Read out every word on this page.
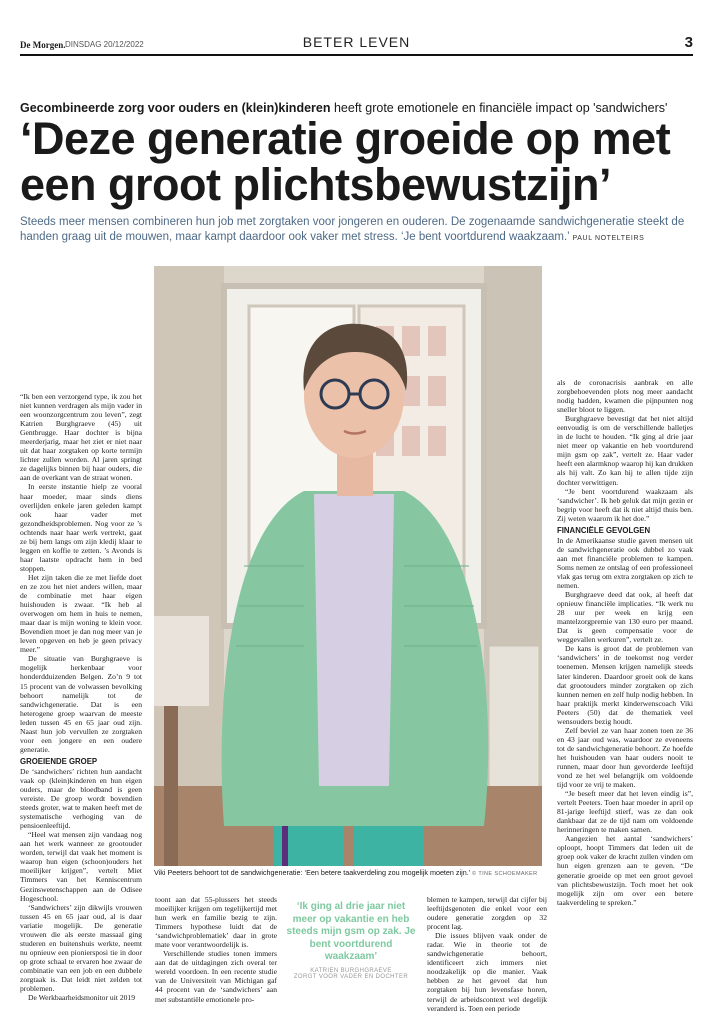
De Morgen. DINSDAG 20/12/2022	BETER LEVEN	3
Gecombineerde zorg voor ouders en (klein)kinderen heeft grote emotionele en financiële impact op 'sandwichers'
‘Deze generatie groeide op met een groot plichtsbewustzijn’
Steeds meer mensen combineren hun job met zorgtaken voor jongeren en ouderen. De zogenaamde sandwichgeneratie steekt de handen graag uit de mouwen, maar kampt daardoor ook vaker met stress. ‘Je bent voortdurend waakzaam.’ PAUL NOTELTEIRS

“Ik ben een verzorgend type, ik zou het niet kunnen verdragen als mijn vader in een woonzorgcentrum zou leven”, zegt Katrien Burghgraeve (45) uit Gentbrugge. Haar dochter is bijna meerderjarig, maar het ziet er niet naar uit dat haar zorgtaken op korte termijn lichter zullen worden. Al jaren springt ze dagelijks binnen bij haar ouders, die aan de overkant van de straat wonen.

In eerste instantie hielp ze vooral haar moeder, maar sinds diens overlijden enkele jaren geleden kampt ook haar vader met gezondheidsproblemen. Nog voor ze ’s ochtends naar haar werk vertrekt, gaat ze bij hem langs om zijn kledij klaar te leggen en koffie te zetten. ’s Avonds is haar laatste opdracht hem in bed stoppen.

Het zijn taken die ze met liefde doet en ze zou het niet anders willen, maar de combinatie met haar eigen huishouden is zwaar. “Ik heb al overwogen om hem in huis te nemen, maar daar is mijn woning te klein voor. Bovendien moet je dan nog meer van je leven opgeven en heb je geen privacy meer.”

De situatie van Burghgraeve is mogelijk herkenbaar voor honderdduizenden Belgen. Zo’n 9 tot 15 procent van de volwassen bevolking behoort namelijk tot de sandwichgeneratie. Dat is een heterogene groep waarvan de meeste leden tussen 45 en 65 jaar oud zijn. Naast hun job vervullen ze zorgtaken voor een jongere en een oudere generatie.

GROEIENDE GROEP

De ‘sandwichers’ richten hun aandacht vaak op (klein)kinderen en hun eigen ouders, maar de bloedband is geen vereiste. De groep wordt bovendien steeds groter, wat te maken heeft met de systematische verhoging van de pensioenleeftijd.

“Heel wat mensen zijn vandaag nog aan het werk wanneer ze grootouder worden, terwijl dat vaak het moment is waarop hun eigen (schoon)ouders het moeilijker krijgen”, vertelt Miet Timmers van het Kenniscentrum Gezinswetenschappen aan de Odisee Hogeschool.

‘Sandwichers’ zijn dikwijls vrouwen tussen 45 en 65 jaar oud, al is daar variatie mogelijk. De generatie vrouwen die als eerste massaal ging studeren en buitenshuis werkte, neemt nu opnieuw een pioniersposi tie in door op grote schaal te ervaren hoe zwaar de combinatie van een job en een dubbele zorgtaak is. Dat leidt niet zelden tot problemen.

De Werkbaarheidsmonitor uit 2019

Viki Peeters behoort tot de sandwichgeneratie: ‘Een betere taakverdeling zou mogelijk moeten zijn.’ © TINE SCHOEMAKER

toont aan dat 55-plussers het steeds moeilijker krijgen om tegelijkertijd met hun werk en familie bezig te zijn. Timmers hypothese luidt dat de ‘sandwichproblematiek’ daar in grote mate voor verantwoordelijk is.

Verschillende studies tonen immers aan dat de uitdagingen zich overal ter wereld voordoen. In een recente studie van de Universiteit van Michigan gaf 44 procent van de ‘sandwichers’ aan met substantiële emotionele pro-

‘Ik ging al drie jaar niet meer op vakantie en heb steeds mijn gsm op zak. Je bent voortdurend waakzaam’
KATRIEN BURGHGRAEVE
ZORGT VOOR VADER EN DOCHTER

blemen te kampen, terwijl dat cijfer bij leeftijdsgenoten die enkel voor een oudere generatie zorgden op 32 procent lag.

Die issues blijven vaak onder de radar. Wie in theorie tot de sandwichgeneratie behoort, identificeert zich immers niet noodzakelijk op die manier. Vaak hebben ze het gevoel dat hun zorgtaken bij hun levensfase horen, terwijl de arbeidscontext wel degelijk veranderd is. Toen een periode

als de coronacrisis aanbrak en alle zorgbehoevenden plots nog meer aandacht nodig hadden, kwamen die pijnpunten nog sneller bloot te liggen.

Burghgraeve bevestigt dat het niet altijd eenvoudig is om de verschillende balletjes in de lucht te houden. “Ik ging al drie jaar niet meer op vakantie en heb voortdurend mijn gsm op zak”, vertelt ze. Haar vader heeft een alarmknop waarop hij kan drukken als hij valt. Zo kan hij te allen tijde zijn dochter verwittigen.

“Je bent voortdurend waakzaam als ‘sandwicher’. Ik heb geluk dat mijn gezin er begrip voor heeft dat ik niet altijd thuis ben. Zij weten waarom ik het doe.”

FINANCIËLE GEVOLGEN

In de Amerikaanse studie gaven mensen uit de sandwichgeneratie ook dubbel zo vaak aan met financiële problemen te kampen. Soms nemen ze ontslag of een professioneel vlak gas terug om extra zorgtaken op zich te nemen.

Burghgraeve deed dat ook, al heeft dat opnieuw financiële implicaties. “Ik werk nu 28 uur per week en krijg een mantelzorgpremie van 130 euro per maand. Dat is geen compensatie voor de weggevallen werkuren”, vertelt ze.

De kans is groot dat de problemen van ‘sandwichers’ in de toekomst nog verder toenemen. Mensen krijgen namelijk steeds later kinderen. Daardoor groeit ook de kans dat grootouders minder zorgtaken op zich kunnen nemen en zelf hulp nodig hebben. In haar praktijk merkt kinderwenscoach Viki Peeters (50) dat de thematiek veel wensouders bezig houdt.

Zelf beviel ze van haar zonen toen ze 36 en 43 jaar oud was, waardoor ze eveneens tot de sandwichgeneratie behoort. Ze hoefde het huishouden van haar ouders nooit te runnen, maar door hun gevorderde leeftijd vond ze het wel belangrijk om voldoende tijd voor ze vrij te maken.

“Je beseft meer dat het leven eindig is”, vertelt Peeters. Toen haar moeder in april op 81-jarige leeftijd stierf, was ze dan ook dankbaar dat ze de tijd nam om voldoende herinneringen te maken samen.

Aangezien het aantal ‘sandwichers’ oploopt, hoopt Timmers dat leden uit de groep ook vaker de kracht zullen vinden om hun eigen grenzen aan te geven. “De generatie groeide op met een groot gevoel van plichtsbewustzijn. Toch moet het ook mogelijk zijn om over een betere taakverdeling te spreken.”
